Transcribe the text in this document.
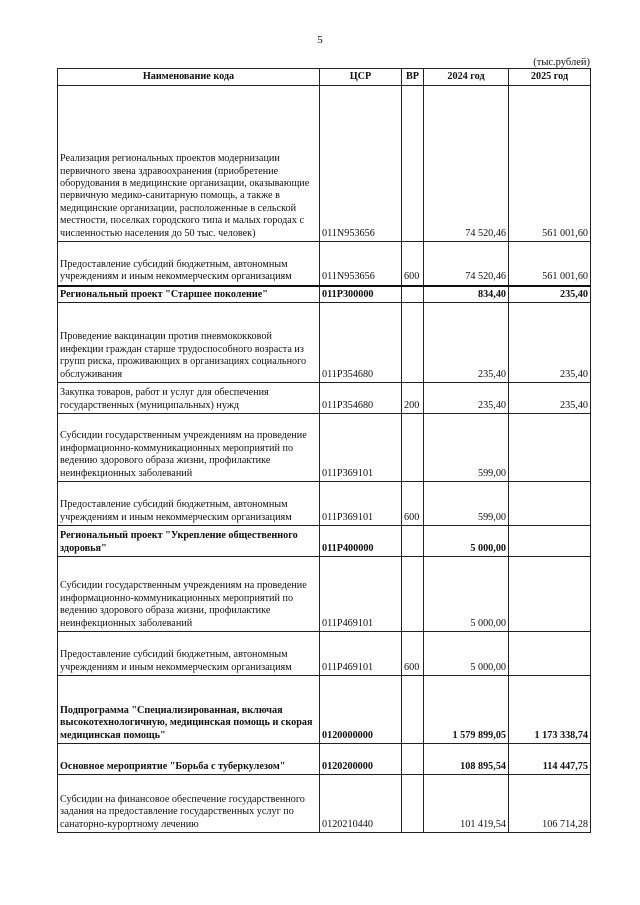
5
(тыс.рублей)
Наименование кода	ЦСР	ВР	2024 год	2025 год
Реализация региональных проектов модернизации первичного звена здравоохранения (приобретение оборудования в медицинские организации, оказывающие первичную медико-санитарную помощь, а также в медицинские организации, расположенные в сельской местности, поселках городского типа и малых городах с численностью населения до 50 тыс. человек)	011N953656		74 520,46	561 001,60
Предоставление субсидий бюджетным, автономным учреждениям и иным некоммерческим организациям	011N953656	600	74 520,46	561 001,60
Региональный проект "Старшее поколение"	011P300000		834,40	235,40
Проведение вакцинации против пневмококковой инфекции граждан старше трудоспособного возраста из групп риска, проживающих в организациях социального обслуживания	011P354680		235,40	235,40
Закупка товаров, работ и услуг для обеспечения государственных (муниципальных) нужд	011P354680	200	235,40	235,40
Субсидии государственным учреждениям на проведение информационно-коммуникационных мероприятий по ведению здорового образа жизни, профилактике неинфекционных заболеваний	011P369101		599,00	
Предоставление субсидий бюджетным, автономным учреждениям и иным некоммерческим организациям	011P369101	600	599,00	
Региональный проект "Укрепление общественного здоровья"	011P400000		5 000,00	
Субсидии государственным учреждениям на проведение информационно-коммуникационных мероприятий по ведению здорового образа жизни, профилактике неинфекционных заболеваний	011P469101		5 000,00	
Предоставление субсидий бюджетным, автономным учреждениям и иным некоммерческим организациям	011P469101	600	5 000,00	
Подпрограмма "Специализированная, включая высокотехнологичную, медицинская помощь и скорая медицинская помощь"	0120000000		1 579 899,05	1 173 338,74
Основное мероприятие "Борьба с туберкулезом"	0120200000		108 895,54	114 447,75
Субсидии на финансовое обеспечение государственного задания на предоставление государственных услуг по санаторно-курортному лечению	0120210440		101 419,54	106 714,28
